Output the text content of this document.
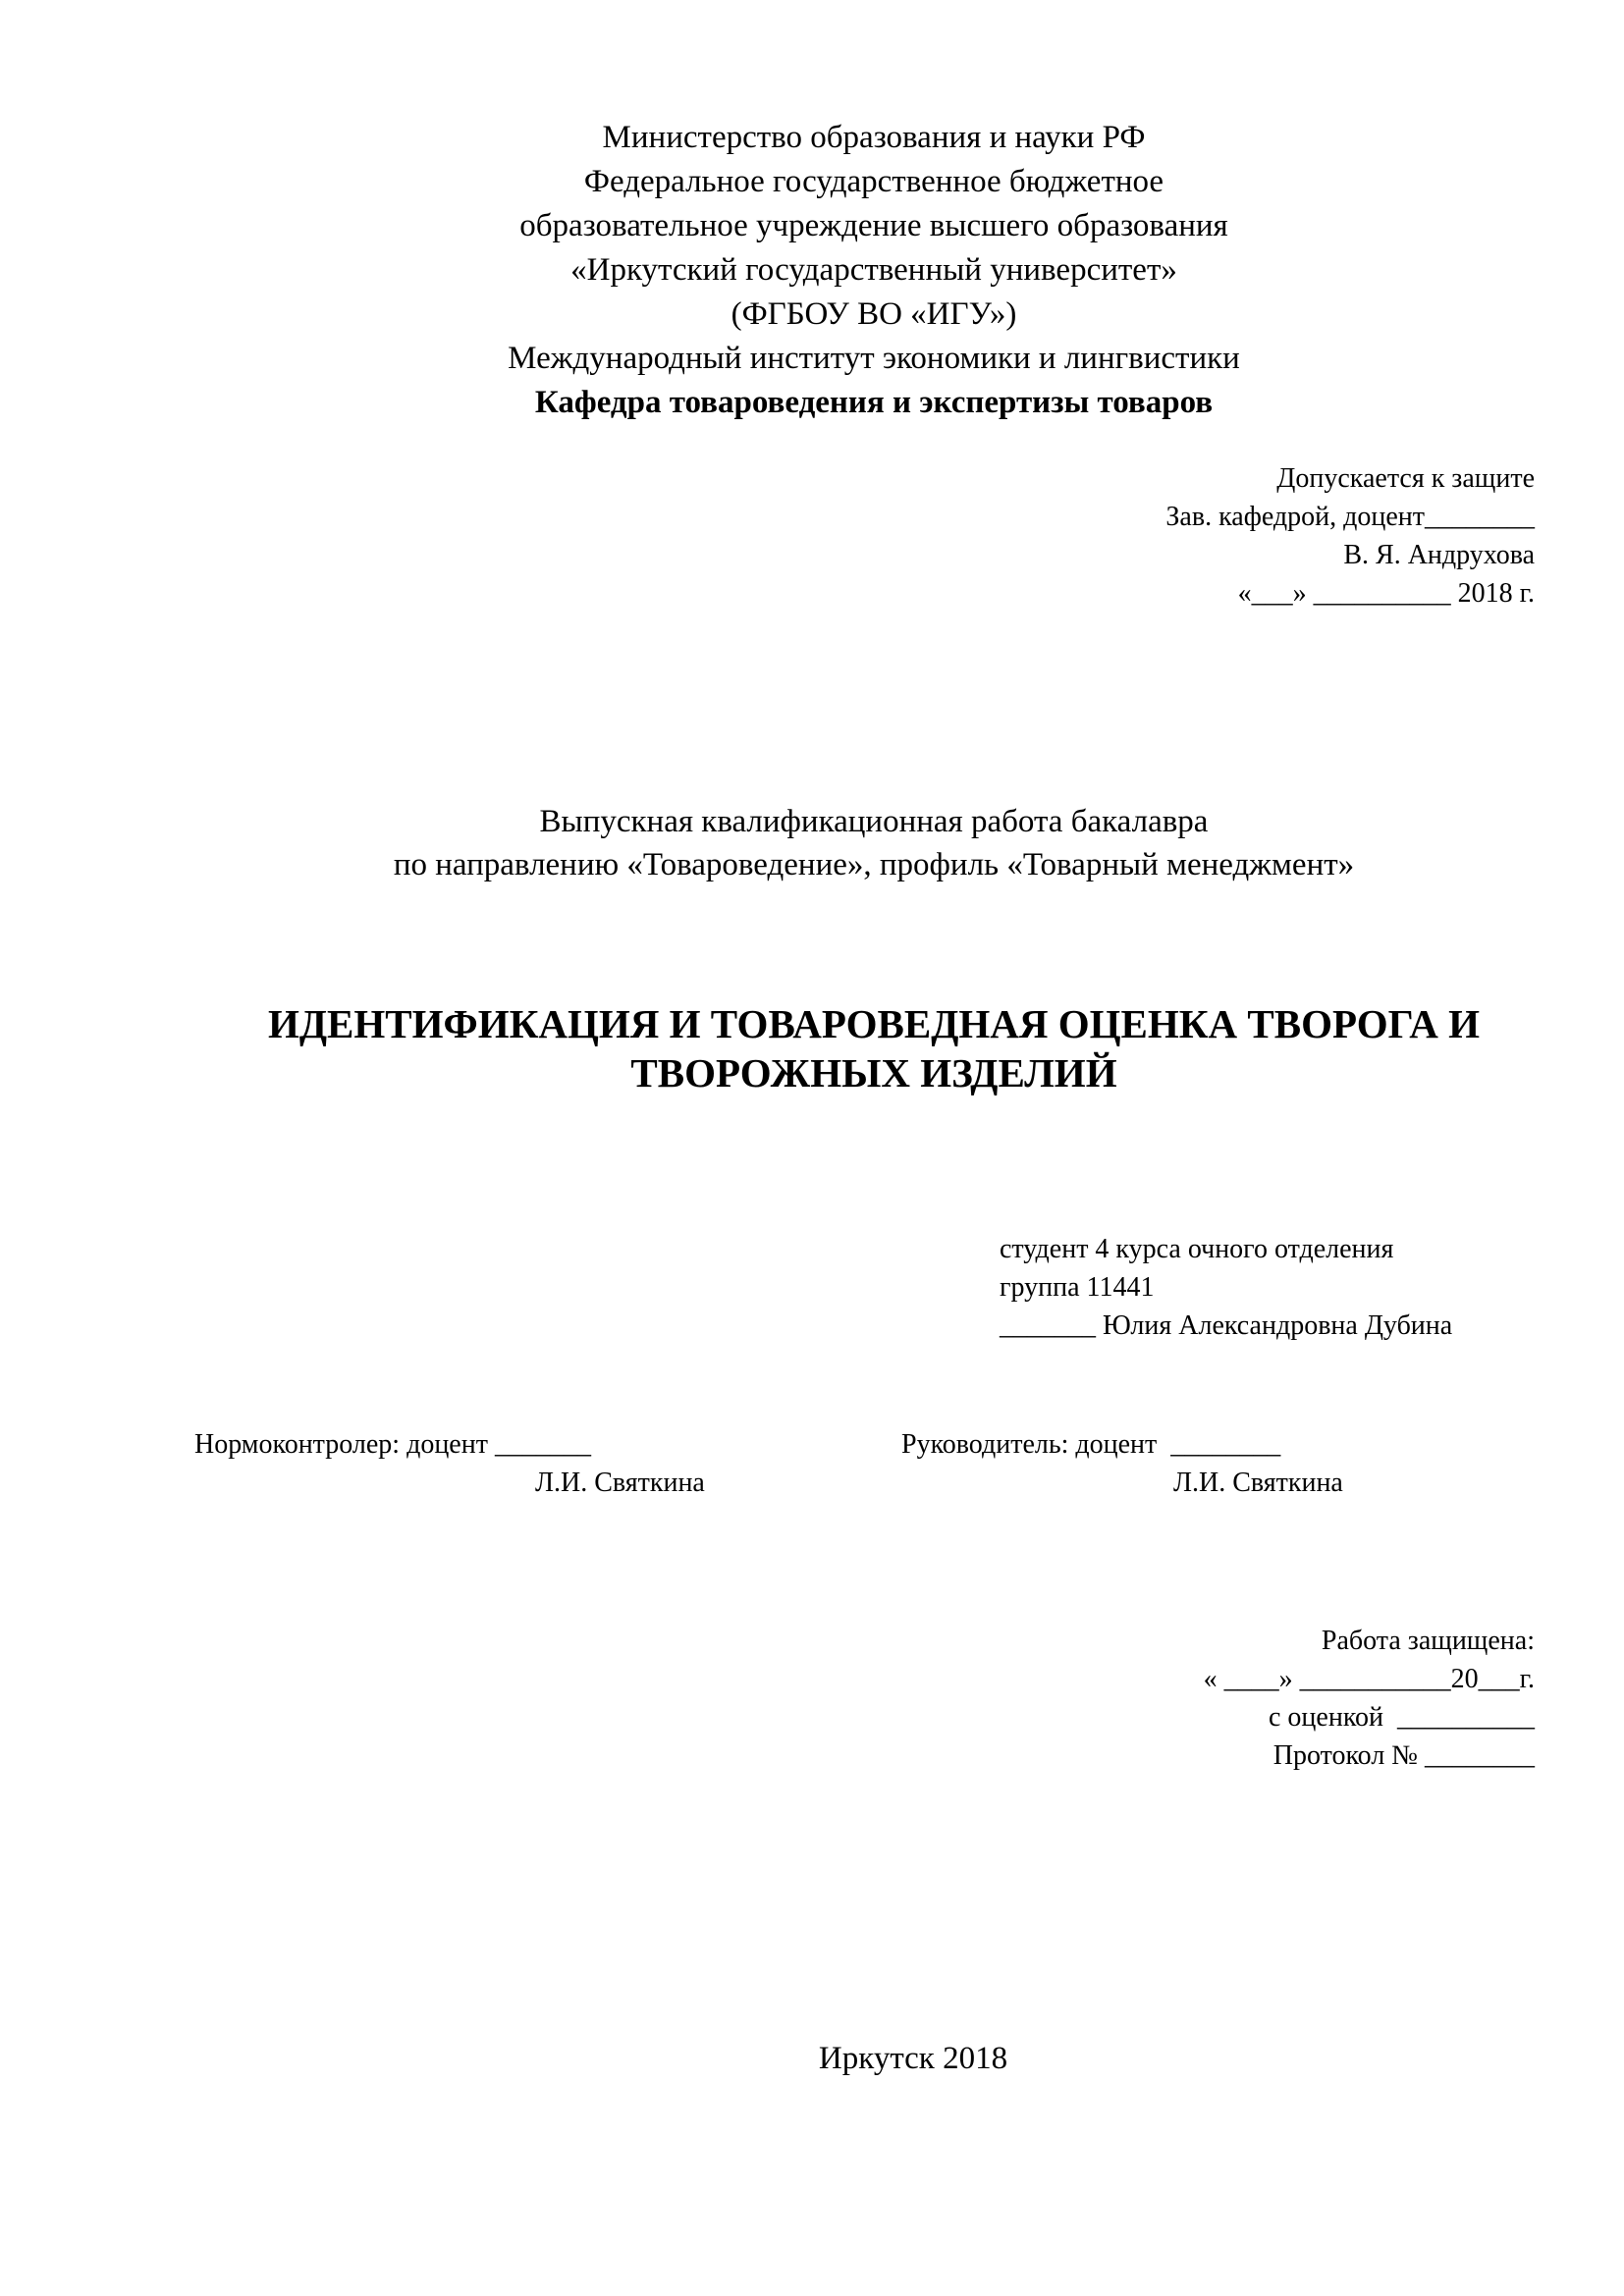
Министерство образования и науки РФ
Федеральное государственное бюджетное
образовательное учреждение высшего образования
«Иркутский государственный университет»
(ФГБОУ ВО «ИГУ»)
Международный институт экономики и лингвистики
Кафедра товароведения и экспертизы товаров
Допускается к защите
Зав. кафедрой, доцент________
В. Я. Андрухова
«___» __________ 2018 г.
Выпускная квалификационная работа бакалавра
по направлению «Товароведение», профиль «Товарный менеджмент»
ИДЕНТИФИКАЦИЯ И ТОВАРОВЕДНАЯ ОЦЕНКА ТВОРОГА И
ТВОРОЖНЫХ ИЗДЕЛИЙ
студент 4 курса очного отделения
группа 11441
_______ Юлия Александровна Дубина
Нормоконтролер: доцент _______
Л.И. Святкина
Руководитель: доцент  ________
Л.И. Святкина
Работа защищена:
« ____» ___________20___г.
с оценкой  __________
Протокол № ________
Иркутск 2018
